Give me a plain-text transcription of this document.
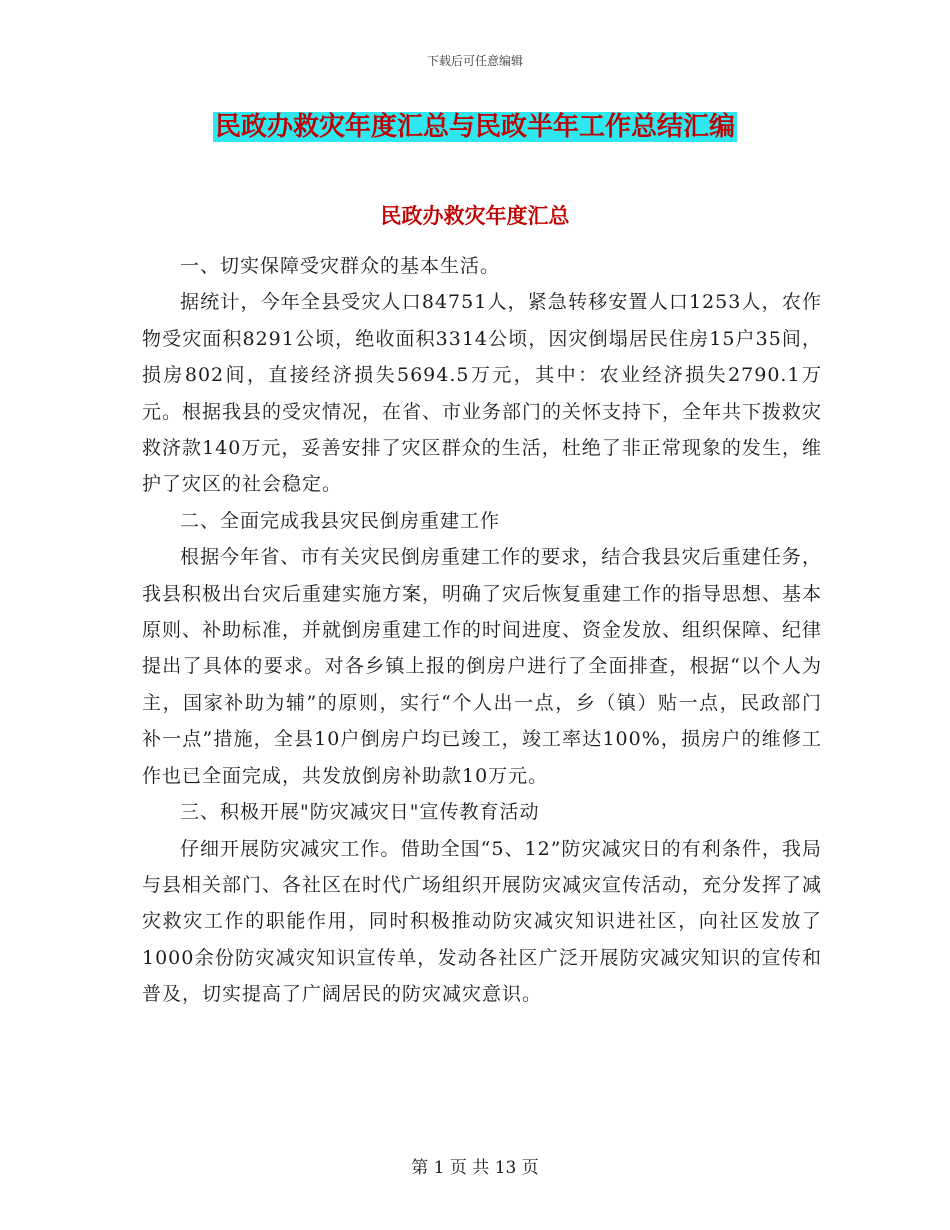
下载后可任意编辑
民政办救灾年度汇总与民政半年工作总结汇编
民政办救灾年度汇总

一、切实保障受灾群众的基本生活。

据统计，今年全县受灾人口84751人，紧急转移安置人口1253人，农作物受灾面积8291公顷，绝收面积3314公顷，因灾倒塌居民住房15户35间，损房802间，直接经济损失5694.5万元，其中：农业经济损失2790.1万元。根据我县的受灾情况，在省、市业务部门的关怀支持下，全年共下拨救灾救济款140万元，妥善安排了灾区群众的生活，杜绝了非正常现象的发生，维护了灾区的社会稳定。

二、全面完成我县灾民倒房重建工作

根据今年省、市有关灾民倒房重建工作的要求，结合我县灾后重建任务，我县积极出台灾后重建实施方案，明确了灾后恢复重建工作的指导思想、基本原则、补助标准，并就倒房重建工作的时间进度、资金发放、组织保障、纪律提出了具体的要求。对各乡镇上报的倒房户进行了全面排查，根据“以个人为主，国家补助为辅”的原则，实行“个人出一点，乡（镇）贴一点，民政部门补一点”措施，全县10户倒房户均已竣工，竣工率达100%，损房户的维修工作也已全面完成，共发放倒房补助款10万元。

三、积极开展"防灾减灾日"宣传教育活动

仔细开展防灾减灾工作。借助全国“5、12”防灾减灾日的有利条件，我局与县相关部门、各社区在时代广场组织开展防灾减灾宣传活动，充分发挥了减灾救灾工作的职能作用，同时积极推动防灾减灾知识进社区，向社区发放了1000余份防灾减灾知识宣传单，发动各社区广泛开展防灾减灾知识的宣传和普及，切实提高了广阔居民的防灾减灾意识。

第 1 页 共 13 页
